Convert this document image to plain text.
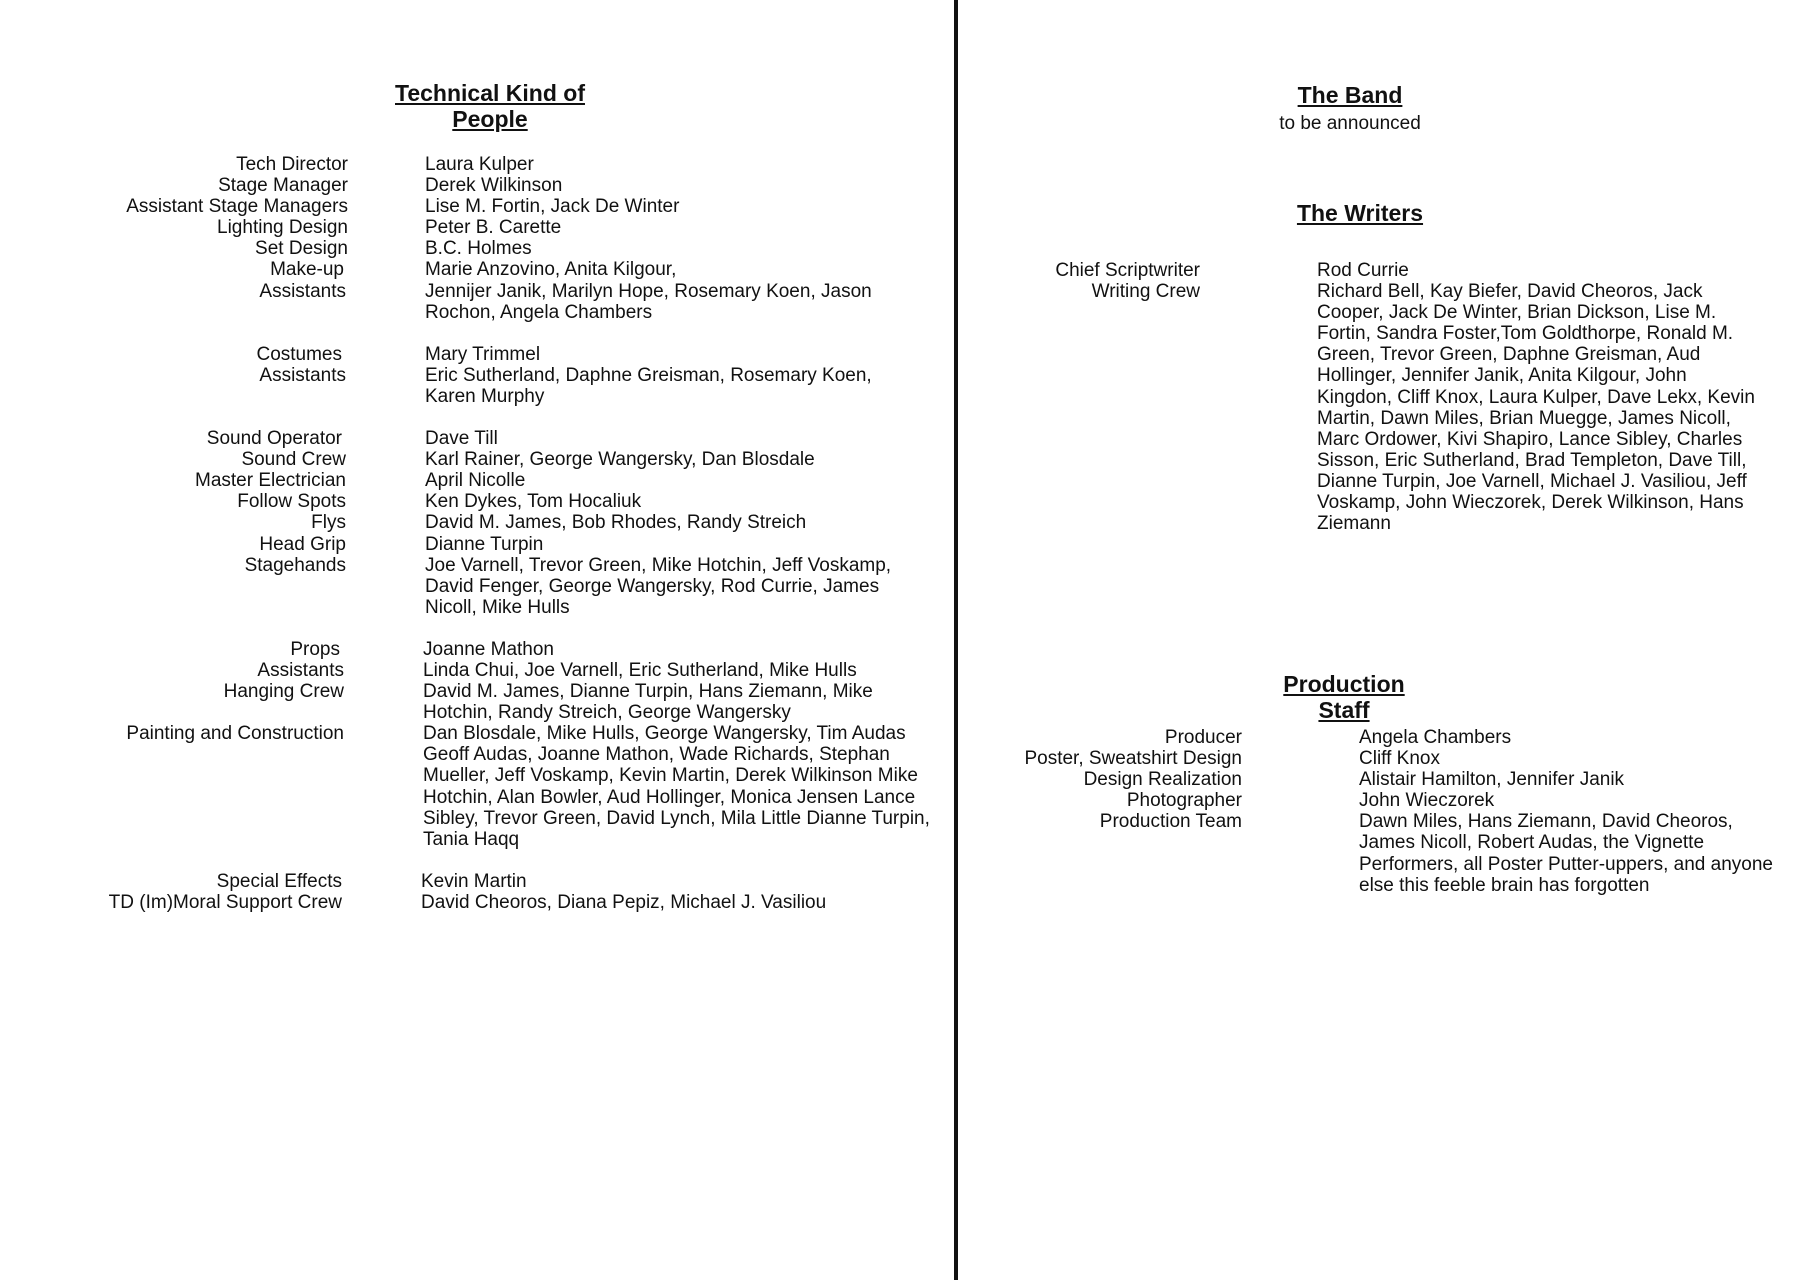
Technical Kind of
People
Tech Director	Laura Kulper
Stage Manager	Derek Wilkinson
Assistant Stage Managers	Lise M. Fortin, Jack De Winter
Lighting Design	Peter B. Carette
Set Design	B.C. Holmes
Make-up	Marie Anzovino, Anita Kilgour,
Assistants	Jennijer Janik, Marilyn Hope, Rosemary Koen, Jason Rochon, Angela Chambers
Costumes	Mary Trimmel
Assistants	Eric Sutherland, Daphne Greisman, Rosemary Koen, Karen Murphy
Sound Operator	Dave Till
Sound Crew	Karl Rainer, George Wangersky, Dan Blosdale
Master Electrician	April Nicolle
Follow Spots	Ken Dykes, Tom Hocaliuk
Flys	David M. James, Bob Rhodes, Randy Streich
Head Grip	Dianne Turpin
Stagehands	Joe Varnell, Trevor Green, Mike Hotchin, Jeff Voskamp, David Fenger, George Wangersky, Rod Currie, James Nicoll, Mike Hulls
Props	Joanne Mathon
Assistants	Linda Chui, Joe Varnell, Eric Sutherland, Mike Hulls
Hanging Crew	David M. James, Dianne Turpin, Hans Ziemann, Mike Hotchin, Randy Streich, George Wangersky
Painting and Construction	Dan Blosdale, Mike Hulls, George Wangersky, Tim Audas Geoff Audas, Joanne Mathon, Wade Richards, Stephan Mueller, Jeff Voskamp, Kevin Martin, Derek Wilkinson Mike Hotchin, Alan Bowler, Aud Hollinger, Monica Jensen Lance Sibley, Trevor Green, David Lynch, Mila Little Dianne Turpin, Tania Haqq
Special Effects	Kevin Martin
TD (Im)Moral Support Crew	David Cheoros, Diana Pepiz, Michael J. Vasiliou
The Band
to be announced
The Writers
Chief Scriptwriter	Rod Currie
Writing Crew	Richard Bell, Kay Biefer, David Cheoros, Jack Cooper, Jack De Winter, Brian Dickson, Lise M. Fortin, Sandra Foster,Tom Goldthorpe, Ronald M. Green, Trevor Green, Daphne Greisman, Aud Hollinger, Jennifer Janik, Anita Kilgour, John Kingdon, Cliff Knox, Laura Kulper, Dave Lekx, Kevin Martin, Dawn Miles, Brian Muegge, James Nicoll, Marc Ordower, Kivi Shapiro, Lance Sibley, Charles Sisson, Eric Sutherland, Brad Templeton, Dave Till, Dianne Turpin, Joe Varnell, Michael J. Vasiliou, Jeff Voskamp, John Wieczorek, Derek Wilkinson, Hans Ziemann
Production
Staff
Producer	Angela Chambers
Poster, Sweatshirt Design	Cliff Knox
Design Realization	Alistair Hamilton, Jennifer Janik
Photographer	John Wieczorek
Production Team	Dawn Miles, Hans Ziemann, David Cheoros, James Nicoll, Robert Audas, the Vignette Performers, all Poster Putter-uppers, and anyone else this feeble brain has forgotten
